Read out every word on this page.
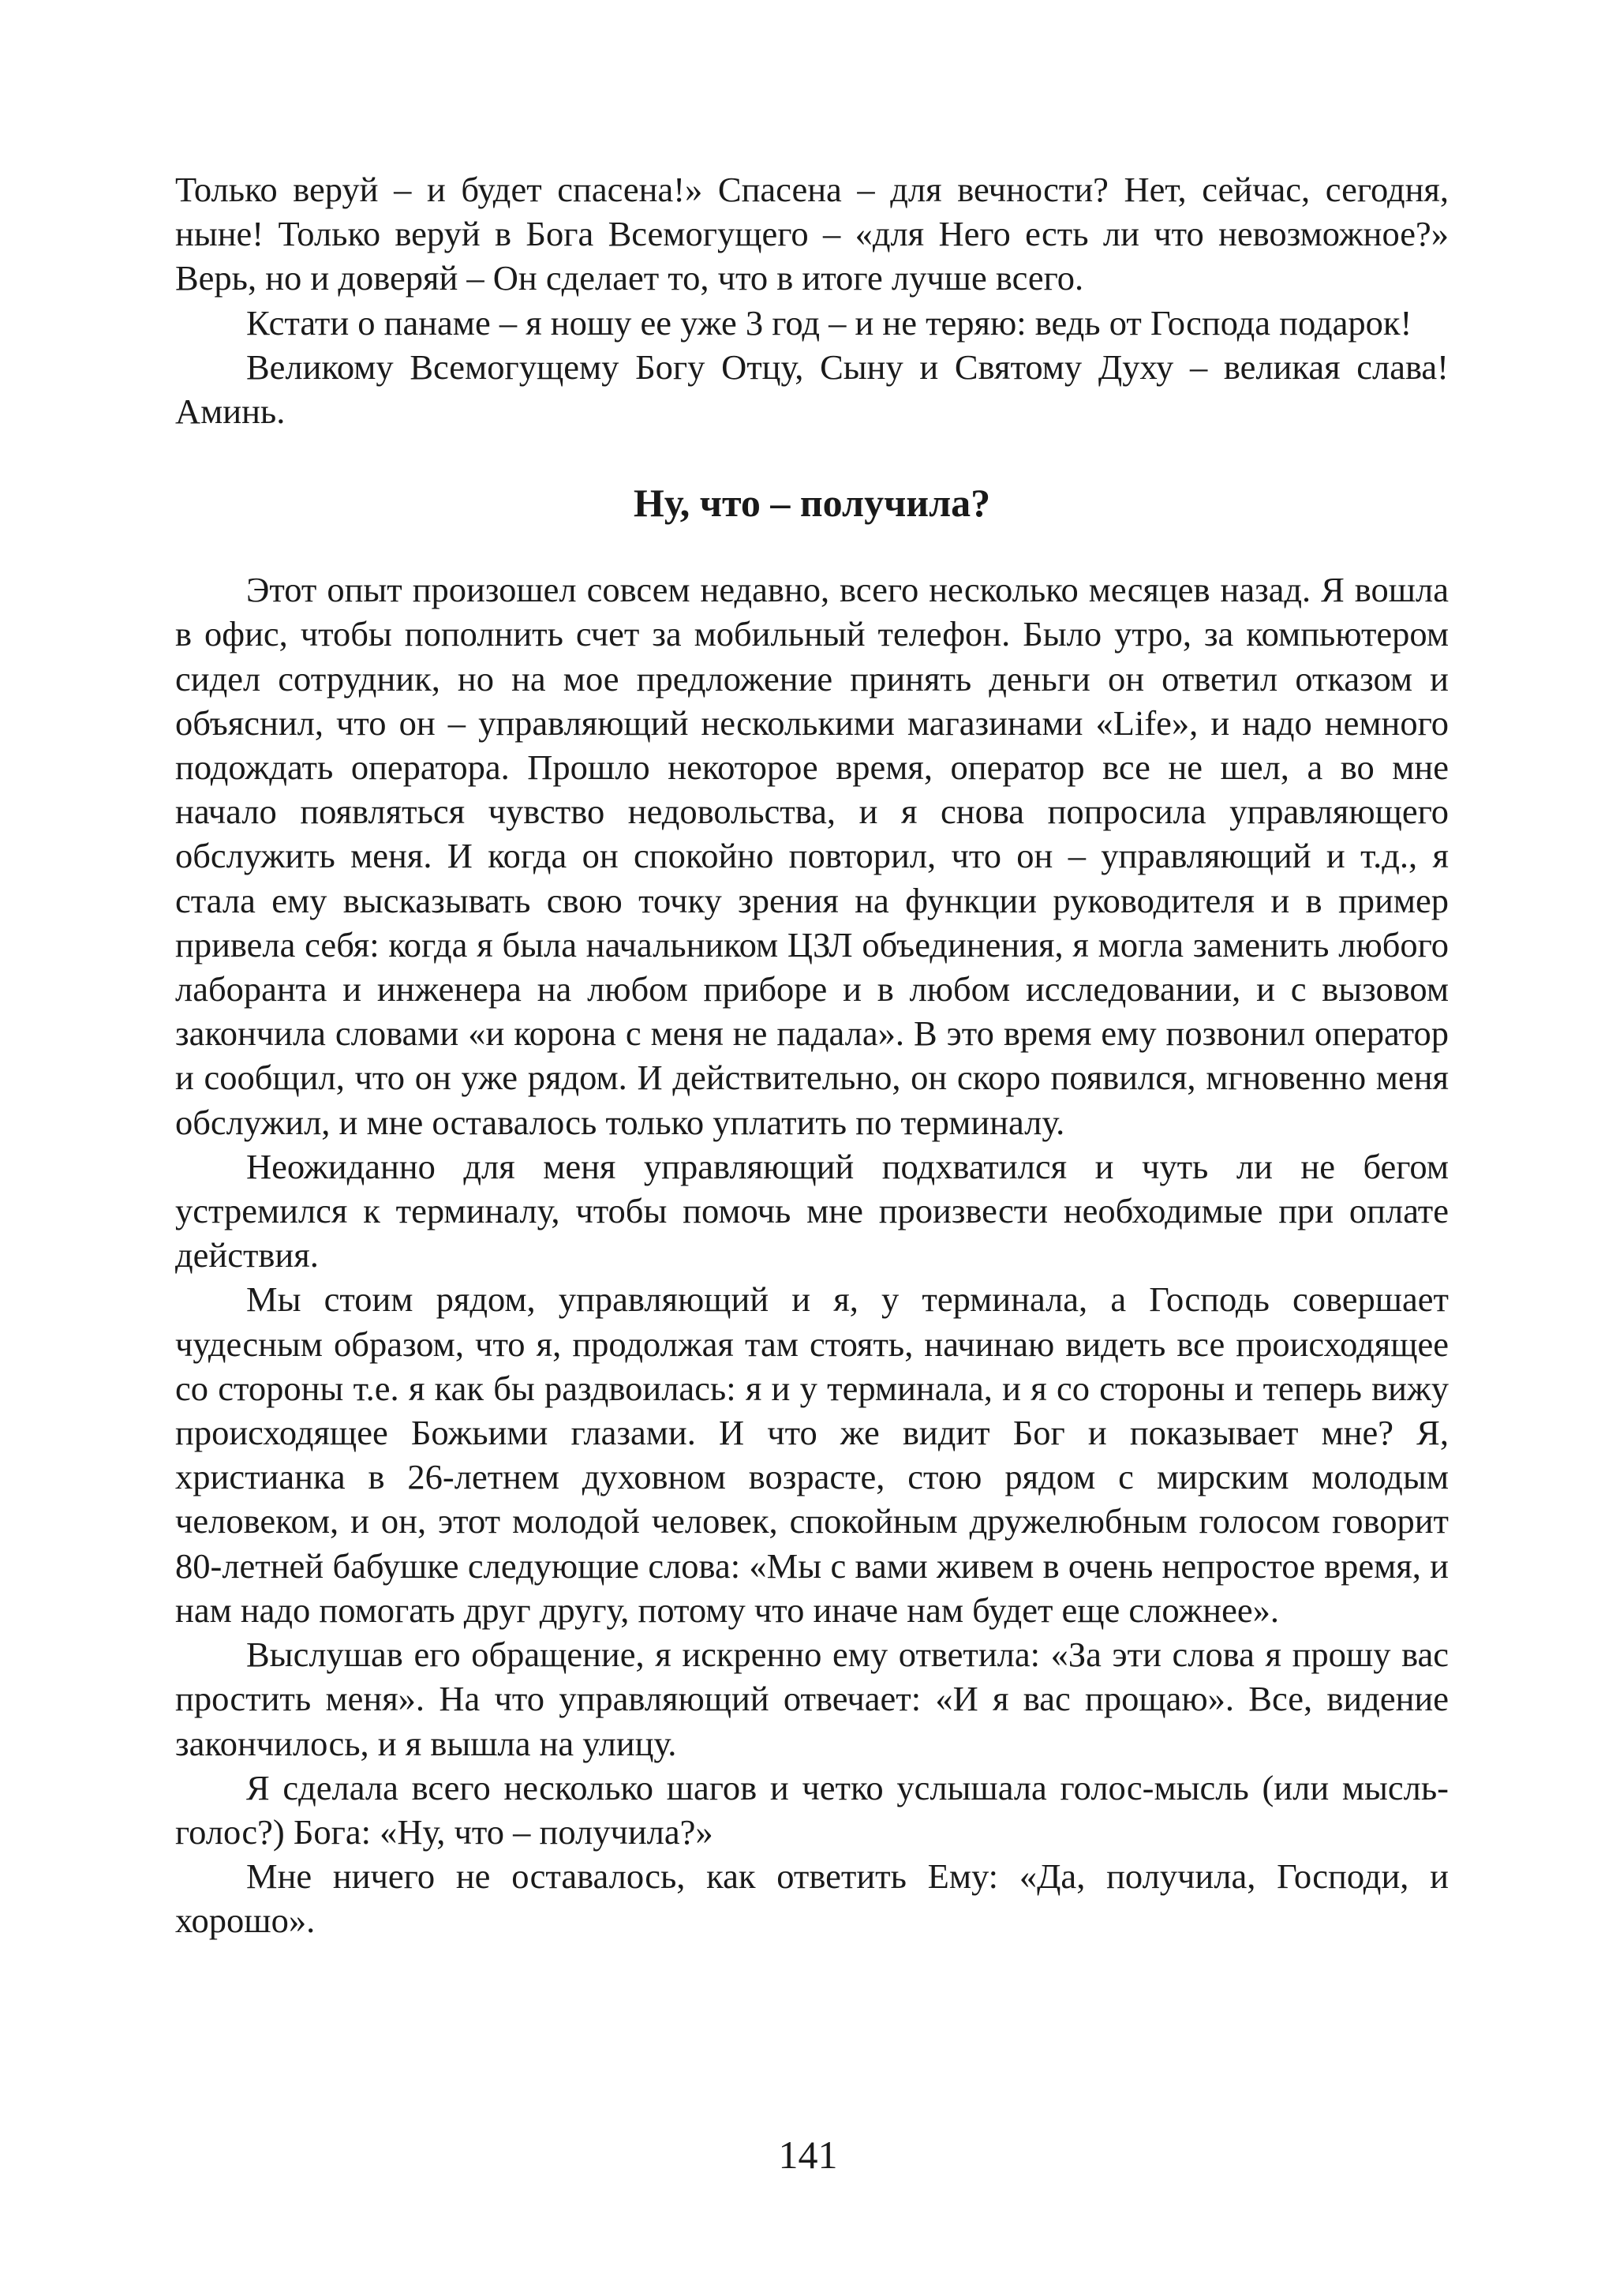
Только веруй – и будет спасена!» Спасена – для вечности? Нет, сейчас, сегодня, ныне! Только веруй в Бога Всемогущего – «для Него есть ли что невозможное?» Верь, но и доверяй – Он сделает то, что в итоге лучше всего.

Кстати о панаме – я ношу ее уже 3 год – и не теряю: ведь от Господа подарок!

Великому Всемогущему Богу Отцу, Сыну и Святому Духу – великая слава! Аминь.

Ну, что – получила?

Этот опыт произошел совсем недавно, всего несколько месяцев назад. Я вошла в офис, чтобы пополнить счет за мобильный телефон. Было утро, за компьютером сидел сотрудник, но на мое предложение принять деньги он ответил отказом и объяснил, что он – управляющий несколькими магазинами «Life», и надо немного подождать оператора. Прошло некоторое время, оператор все не шел, а во мне начало появляться чувство недовольства, и я снова попросила управляющего обслужить меня. И когда он спокойно повторил, что он – управляющий и т.д., я стала ему высказывать свою точку зрения на функции руководителя и в пример привела себя: когда я была начальником ЦЗЛ объединения, я могла заменить любого лаборанта и инженера на любом приборе и в любом исследовании, и с вызовом закончила словами «и корона с меня не падала». В это время ему позвонил оператор и сообщил, что он уже рядом. И действительно, он скоро появился, мгновенно меня обслужил, и мне оставалось только уплатить по терминалу.

Неожиданно для меня управляющий подхватился и чуть ли не бегом устремился к терминалу, чтобы помочь мне произвести необходимые при оплате действия.

Мы стоим рядом, управляющий и я, у терминала, а Господь совершает чудесным образом, что я, продолжая там стоять, начинаю видеть все происходящее со стороны т.е. я как бы раздвоилась: я и у терминала, и я со стороны и теперь вижу происходящее Божьими глазами. И что же видит Бог и показывает мне? Я, христианка в 26-летнем духовном возрасте, стою рядом с мирским молодым человеком, и он, этот молодой человек, спокойным дружелюбным голосом говорит 80-летней бабушке следующие слова: «Мы с вами живем в очень непростое время, и нам надо помогать друг другу, потому что иначе нам будет еще сложнее».

Выслушав его обращение, я искренно ему ответила: «За эти слова я прошу вас простить меня». На что управляющий отвечает: «И я вас прощаю». Все, видение закончилось, и я вышла на улицу.

Я сделала всего несколько шагов и четко услышала голос-мысль (или мысль-голос?) Бога: «Ну, что – получила?»

Мне ничего не оставалось, как ответить Ему: «Да, получила, Господи, и хорошо».

141
